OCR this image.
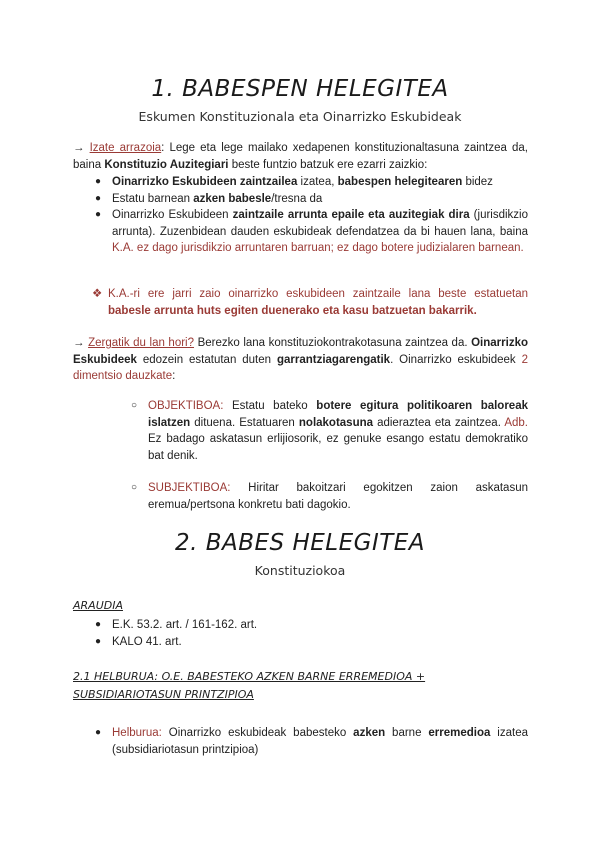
1. BABESPEN HELEGITEA
Eskumen Konstituzionala eta Oinarrizko Eskubideak
→ Izate arrazoia: Lege eta lege mailako xedapenen konstituzionaltasuna zaintzea da, baina Konstituzio Auzitegiari beste funtzio batzuk ere ezarri zaizkio:
● Oinarrizko Eskubideen zaintzailea izatea, babespen helegitearen bidez
● Estatu barnean azken babesle/tresna da
● Oinarrizko Eskubideen zaintzaile arrunta epaile eta auzitegiak dira (jurisdikzio arrunta). Zuzenbidean dauden eskubideak defendatzea da bi hauen lana, baina K.A. ez dago jurisdikzio arruntaren barruan; ez dago botere judizialaren barnean.
❖ K.A.-ri ere jarri zaio oinarrizko eskubideen zaintzaile lana beste estatuetan babesle arrunta huts egiten duenerako eta kasu batzuetan bakarrik.
→ Zergatik du lan hori? Berezko lana konstituziokontrakotasuna zaintzea da. Oinarrizko Eskubideek edozein estatutan duten garrantziagarengatik. Oinarrizko eskubideek 2 dimentsio dauzkate:
○ OBJEKTIBOA: Estatu bateko botere egitura politikoaren baloreak islatzen dituena. Estatuaren nolakotasuna adieraztea eta zaintzea. Adb. Ez badago askatasun erlijiosorik, ez genuke esango estatu demokratiko bat denik.
○ SUBJEKTIBOA: Hiritar bakoitzari egokitzen zaion askatasun eremua/pertsona konkretu bati dagokio.
2. BABES HELEGITEA
Konstituziokoa
ARAUDIA
● E.K. 53.2. art. / 161-162. art.
● KALO 41. art.
2.1 HELBURUA: O.E. BABESTEKO AZKEN BARNE ERREMEDIOA + SUBSIDIARIOTASUN PRINTZIPIOA
● Helburua: Oinarrizko eskubideak babesteko azken barne erremedioa izatea (subsidiariotasun printzipioa)
